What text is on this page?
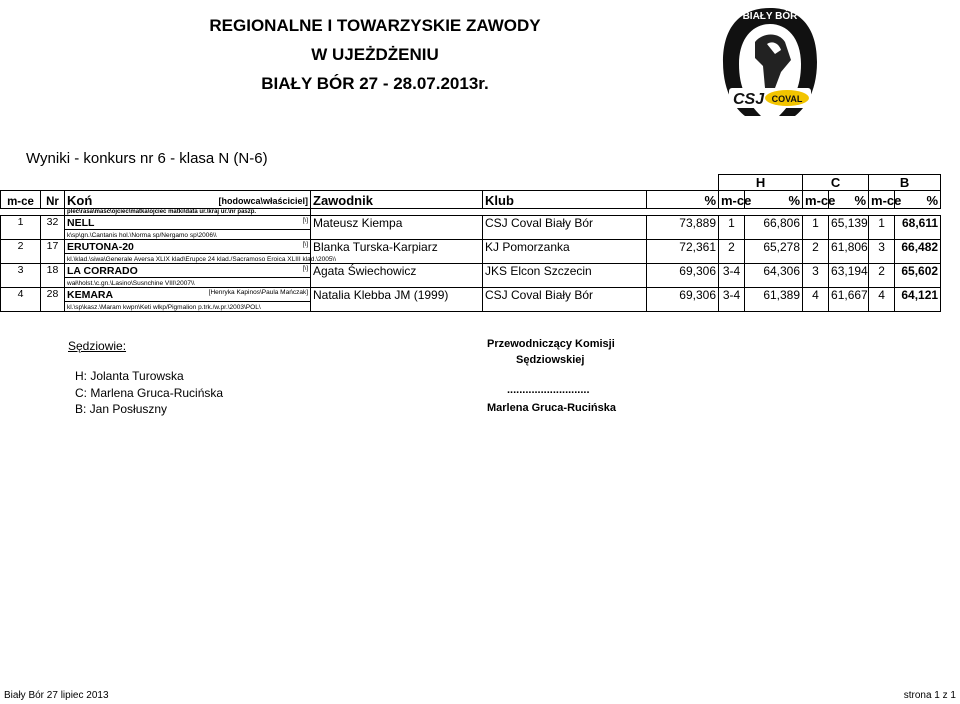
REGIONALNE I TOWARZYSKIE ZAWODY
W UJEŻDŻENIU
BIAŁY BÓR 27 - 28.07.2013r.
BIAŁY BÓR
CSJ COVAL
Wyniki - konkurs nr 6 - klasa N (N-6)
						H		C		B		
m-ce	Nr	Koń [hodowca\właściciel]	Zawodnik	Klub	%	m-ce	%	m-ce	%	m-ce	%	
		pleć\rasa\maść\ojciec\matka\ojciec matki\data ur.\kraj ur.\nr paszp.										
1	32	NELL [\]	Mateusz Kiempa	CSJ Coval Biały Bór	73,889	1	66,806	1	65,139	1	68,611	
		k\sp\gn.\Cantanis hol.\Norma sp/Nergamo sp\2006\\										
2	17	ERUTONA-20 [\]	Blanka Turska-Karpiarz	KJ Pomorzanka	72,361	2	65,278	2	61,806	3	66,482	
		kl.\klad.\siwa\Generale Aversa XLIX klad\Erupce 24 klad./Sacramoso Eroica XLIII klad.\2005\\										
3	18	LA CORRADO [\]	Agata Świechowicz	JKS Elcon Szczecin	69,306	3-4	64,306	3	63,194	2	65,602	
		wał\holst.\c.gn.\Lasino\Susnchine VIII\2007\\										
4	28	KEMARA [Henryka Kapinos\Paula Mańczak]	Natalia Klebba JM (1999)	CSJ Coval Biały Bór	69,306	3-4	61,389	4	61,667	4	64,121	
		kl.\sp\kasz.\Maram kwpn\Keti wlkp/Pigmalion p.trk./w.pr.\2003\POL\										
Sędziowie:
H: Jolanta Turowska
C: Marlena Gruca-Rucińska
B: Jan Posłuszny
Przewodniczący Komisji
Sędziowskiej
...........................
Marlena Gruca-Rucińska
Biały Bór 27 lipiec 2013	strona 1 z 1
